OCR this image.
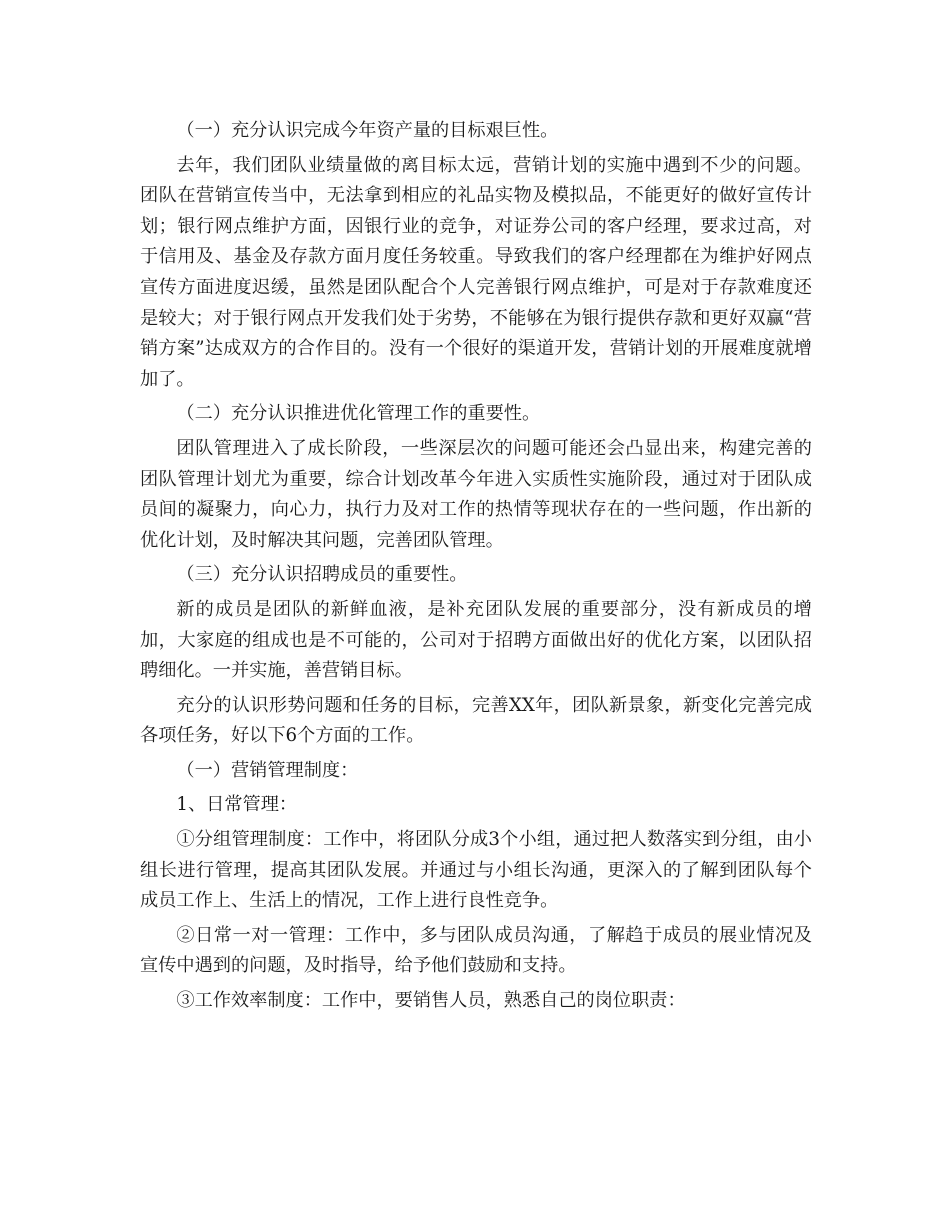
（一）充分认识完成今年资产量的目标艰巨性。

去年，我们团队业绩量做的离目标太远，营销计划的实施中遇到不少的问题。团队在营销宣传当中，无法拿到相应的礼品实物及模拟品，不能更好的做好宣传计划；银行网点维护方面，因银行业的竞争，对证券公司的客户经理，要求过高，对于信用及、基金及存款方面月度任务较重。导致我们的客户经理都在为维护好网点宣传方面进度迟缓，虽然是团队配合个人完善银行网点维护，可是对于存款难度还是较大；对于银行网点开发我们处于劣势，不能够在为银行提供存款和更好双赢“营销方案”达成双方的合作目的。没有一个很好的渠道开发，营销计划的开展难度就增加了。

（二）充分认识推进优化管理工作的重要性。

团队管理进入了成长阶段，一些深层次的问题可能还会凸显出来，构建完善的团队管理计划尤为重要，综合计划改革今年进入实质性实施阶段，通过对于团队成员间的凝聚力，向心力，执行力及对工作的热情等现状存在的一些问题，作出新的优化计划，及时解决其问题，完善团队管理。

（三）充分认识招聘成员的重要性。

新的成员是团队的新鲜血液，是补充团队发展的重要部分，没有新成员的增加，大家庭的组成也是不可能的，公司对于招聘方面做出好的优化方案，以团队招聘细化。一并实施，善营销目标。

充分的认识形势问题和任务的目标，完善XX年，团队新景象，新变化完善完成各项任务，好以下6个方面的工作。

（一）营销管理制度：

1、日常管理：

①分组管理制度：工作中，将团队分成3个小组，通过把人数落实到分组，由小组长进行管理，提高其团队发展。并通过与小组长沟通，更深入的了解到团队每个成员工作上、生活上的情况，工作上进行良性竞争。

②日常一对一管理：工作中，多与团队成员沟通，了解趋于成员的展业情况及宣传中遇到的问题，及时指导，给予他们鼓励和支持。

③工作效率制度：工作中，要销售人员，熟悉自己的岗位职责：
